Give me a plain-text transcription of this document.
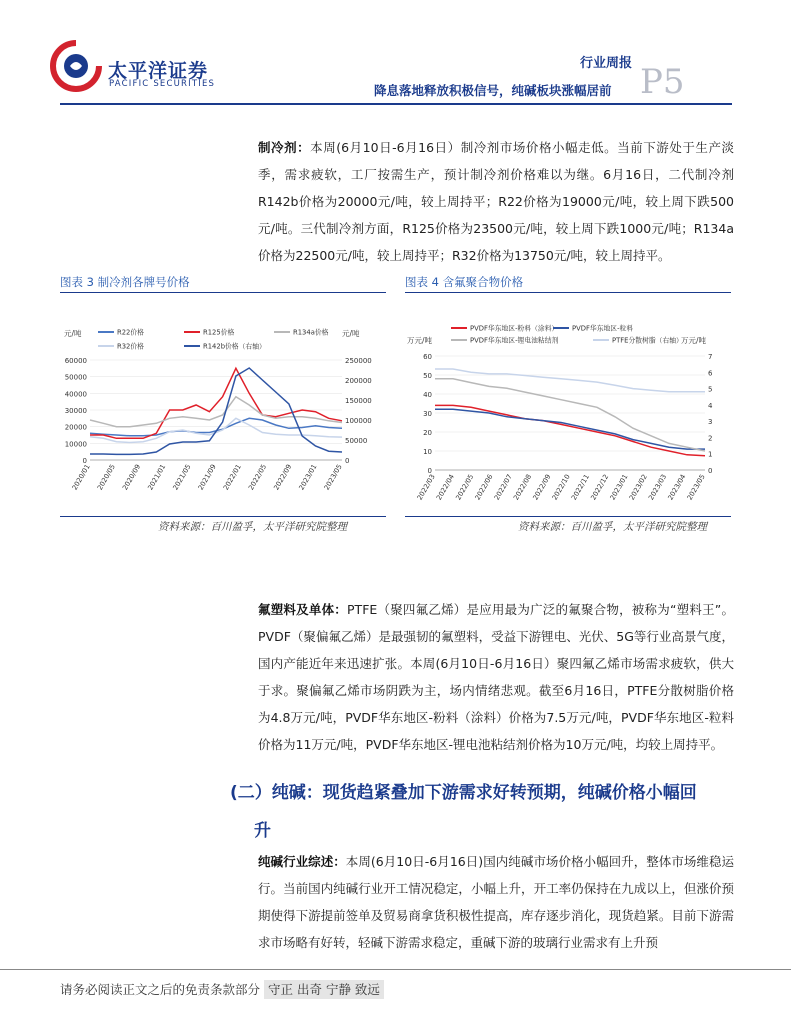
太平洋证券
PACIFIC SECURITIES
行业周报
降息落地释放积极信号，纯碱板块涨幅居前 P5
制冷剂：本周(6月10日-6月16日）制冷剂市场价格小幅走低。当前下游处于生产淡季，需求疲软，工厂按需生产，预计制冷剂价格难以为继。6月16日，二代制冷剂R142b价格为20000元/吨，较上周持平；R22价格为19000元/吨，较上周下跌500元/吨。三代制冷剂方面，R125价格为23500元/吨，较上周下跌1000元/吨；R134a价格为22500元/吨，较上周持平；R32价格为13750元/吨，较上周持平。
图表 3 制冷剂各牌号价格	图表 4 含氟聚合物价格
0
10000
20000
30000
40000
50000
60000
0
50000
100000
150000
200000
250000
元/吨	元/吨
2020/01 2020/05 2020/09 2021/01 2021/05 2021/09 2022/01 2022/05 2022/09 2023/01 2023/05
R22价格	R125价格	R134a价格
R32价格	R142b价格（右轴）
0
10
20
30
40
50
60
0
1
2
3
4
5
6
7
万元/吨	万元/吨
2022/03
2022/04
2022/05
2022/06
2022/07
2022/08
2022/09
2022/10
2022/11
2022/12
2023/01
2023/02
2023/03
2023/04
2023/05
PVDF华东地区-粉料（涂料） PVDF华东地区-粒料
PVDF华东地区-锂电池粘结剂	PTFE分散树脂（右轴）
资料来源：百川盈孚，太平洋研究院整理	资料来源：百川盈孚，太平洋研究院整理
氟塑料及单体：PTFE（聚四氟乙烯）是应用最为广泛的氟聚合物，被称为“塑料王”。PVDF（聚偏氟乙烯）是最强韧的氟塑料，受益下游锂电、光伏、5G等行业高景气度，国内产能近年来迅速扩张。本周(6月10日-6月16日）聚四氟乙烯市场需求疲软，供大于求。聚偏氟乙烯市场阴跌为主，场内情绪悲观。截至6月16日，PTFE分散树脂价格为4.8万元/吨，PVDF华东地区-粉料（涂料）价格为7.5万元/吨，PVDF华东地区-粒料价格为11万元/吨，PVDF华东地区-锂电池粘结剂价格为10万元/吨，均较上周持平。
(二）纯碱：现货趋紧叠加下游需求好转预期，纯碱价格小幅回
升
纯碱行业综述：本周(6月10日-6月16日)国内纯碱市场价格小幅回升，整体市场维稳运行。当前国内纯碱行业开工情况稳定，小幅上升，开工率仍保持在九成以上，但涨价预期使得下游提前签单及贸易商拿货积极性提高，库存逐步消化，现货趋紧。目前下游需求市场略有好转，轻碱下游需求稳定，重碱下游的玻璃行业需求有上升预
请务必阅读正文之后的免责条款部分 守正 出奇 宁静 致远
